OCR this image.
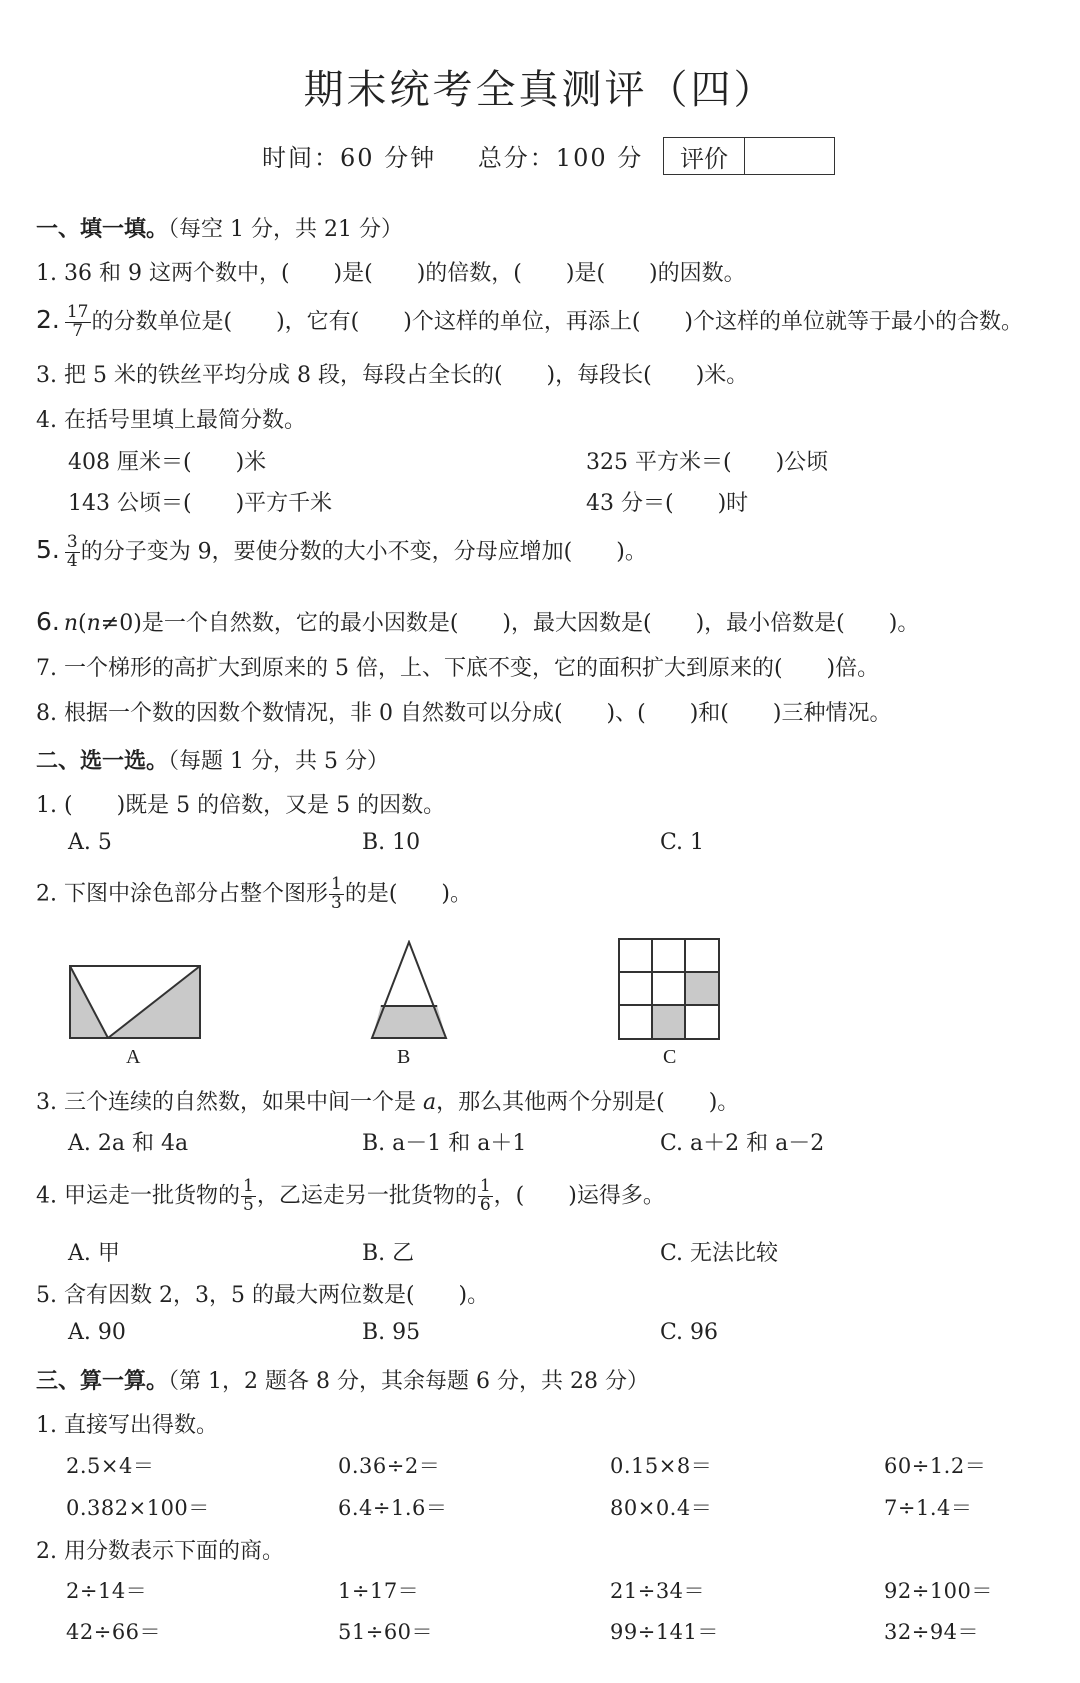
期末统考全真测评（四）
时间：60 分钟 总分：100 分	评价
一、填一填。（每空 1 分，共 21 分）
1. 36 和 9 这两个数中，(　　)是(　　)的倍数，(　　)是(　　)的因数。
2. $\frac{17}{7}$ 的分数单位是(　　)，它有(　　)个这样的单位，再添上(　　)个这样的单位就等于最小的合数。
3. 把 5 米的铁丝平均分成 8 段，每段占全长的(　　)，每段长(　　)米。
4. 在括号里填上最简分数。
408 厘米＝(　　)米	325 平方米＝(　　)公顷
143 公顷＝(　　)平方千米	43 分＝(　　)时
5. $\frac{3}{4}$ 的分子变为 9，要使分数的大小不变，分母应增加(　　)。
6. n(n≠0)是一个自然数，它的最小因数是(　　)，最大因数是(　　)，最小倍数是(　　)。
7. 一个梯形的高扩大到原来的 5 倍，上、下底不变，它的面积扩大到原来的(　　)倍。
8. 根据一个数的因数个数情况，非 0 自然数可以分成(　　)、(　　)和(　　)三种情况。
二、选一选。（每题 1 分，共 5 分）
1. (　　)既是 5 的倍数，又是 5 的因数。
A. 5	B. 10	C. 1
2. 下图中涂色部分占整个图形 $\frac{1}{3}$ 的是(　　)。
A	B	C
3. 三个连续的自然数，如果中间一个是 a，那么其他两个分别是(　　)。
A. 2a 和 4a	B. a－1 和 a＋1	C. a＋2 和 a－2
4. 甲运走一批货物的 $\frac{1}{5}$ ，乙运走另一批货物的 $\frac{1}{6}$ ，(　　)运得多。
A. 甲	B. 乙	C. 无法比较
5. 含有因数 2，3，5 的最大两位数是(　　)。
A. 90	B. 95	C. 96
三、算一算。（第 1，2 题各 8 分，其余每题 6 分，共 28 分）
1. 直接写出得数。
2.5×4＝	0.36÷2＝	0.15×8＝	60÷1.2＝
0.382×100＝	6.4÷1.6＝	80×0.4＝	7÷1.4＝
2. 用分数表示下面的商。
2÷14＝	1÷17＝	21÷34＝	92÷100＝
42÷66＝	51÷60＝	99÷141＝	32÷94＝
